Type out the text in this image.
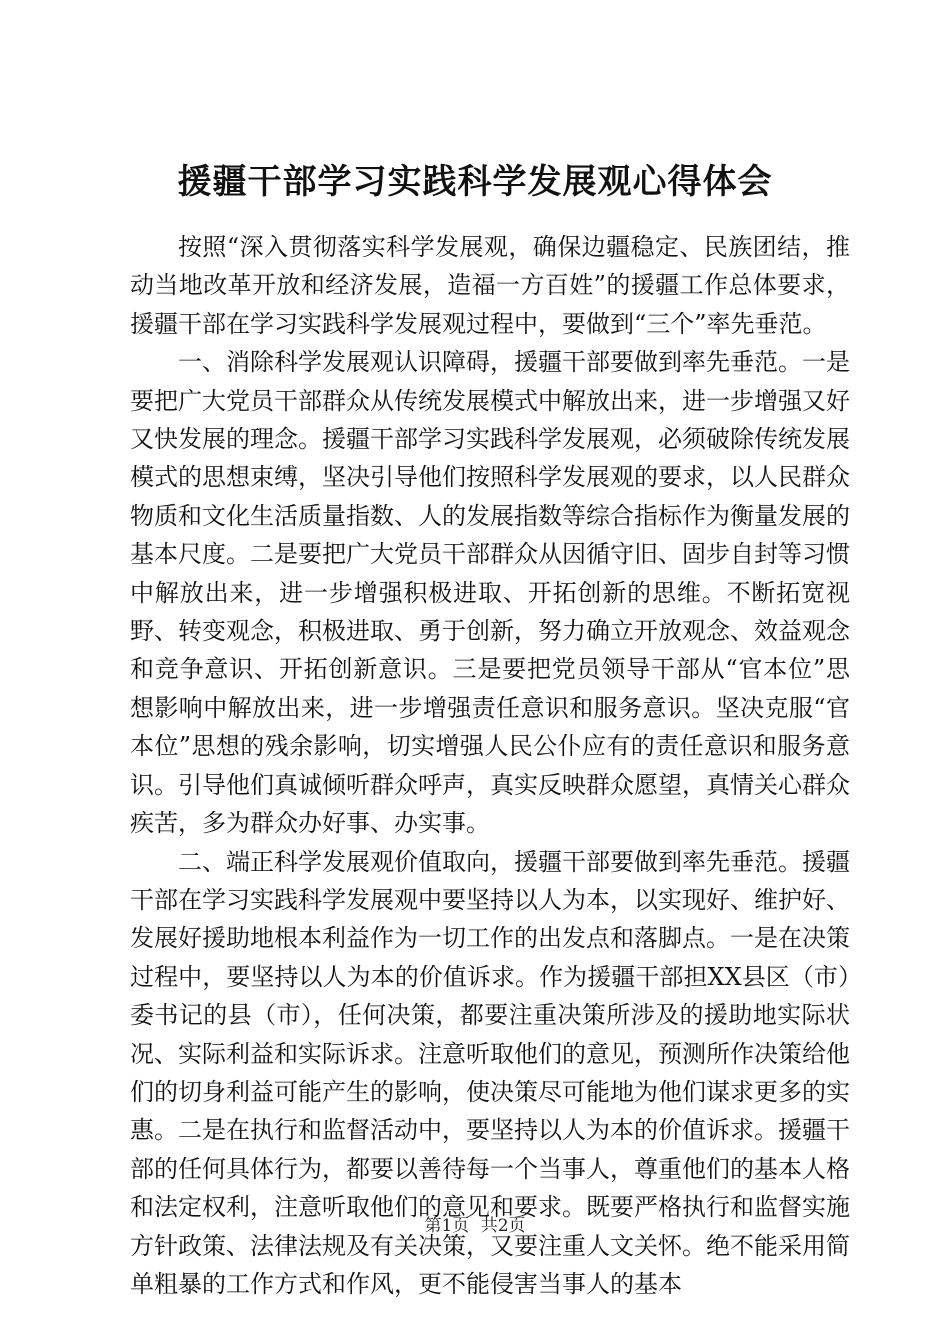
援疆干部学习实践科学发展观心得体会

按照“深入贯彻落实科学发展观，确保边疆稳定、民族团结，推动当地改革开放和经济发展，造福一方百姓”的援疆工作总体要求，援疆干部在学习实践科学发展观过程中，要做到“三个”率先垂范。

一、消除科学发展观认识障碍，援疆干部要做到率先垂范。一是要把广大党员干部群众从传统发展模式中解放出来，进一步增强又好又快发展的理念。援疆干部学习实践科学发展观，必须破除传统发展模式的思想束缚，坚决引导他们按照科学发展观的要求，以人民群众物质和文化生活质量指数、人的发展指数等综合指标作为衡量发展的基本尺度。二是要把广大党员干部群众从因循守旧、固步自封等习惯中解放出来，进一步增强积极进取、开拓创新的思维。不断拓宽视野、转变观念，积极进取、勇于创新，努力确立开放观念、效益观念和竞争意识、开拓创新意识。三是要把党员领导干部从“官本位”思想影响中解放出来，进一步增强责任意识和服务意识。坚决克服“官本位”思想的残余影响，切实增强人民公仆应有的责任意识和服务意识。引导他们真诚倾听群众呼声，真实反映群众愿望，真情关心群众疾苦，多为群众办好事、办实事。

二、端正科学发展观价值取向，援疆干部要做到率先垂范。援疆干部在学习实践科学发展观中要坚持以人为本，以实现好、维护好、发展好援助地根本利益作为一切工作的出发点和落脚点。一是在决策过程中，要坚持以人为本的价值诉求。作为援疆干部担XX县区（市）委书记的县（市），任何决策，都要注重决策所涉及的援助地实际状况、实际利益和实际诉求。注意听取他们的意见，预测所作决策给他们的切身利益可能产生的影响，使决策尽可能地为他们谋求更多的实惠。二是在执行和监督活动中，要坚持以人为本的价值诉求。援疆干部的任何具体行为，都要以善待每一个当事人，尊重他们的基本人格和法定权利，注意听取他们的意见和要求。既要严格执行和监督实施方针政策、法律法规及有关决策，又要注重人文关怀。绝不能采用简单粗暴的工作方式和作风，更不能侵害当事人的基本

第1页 共2页
